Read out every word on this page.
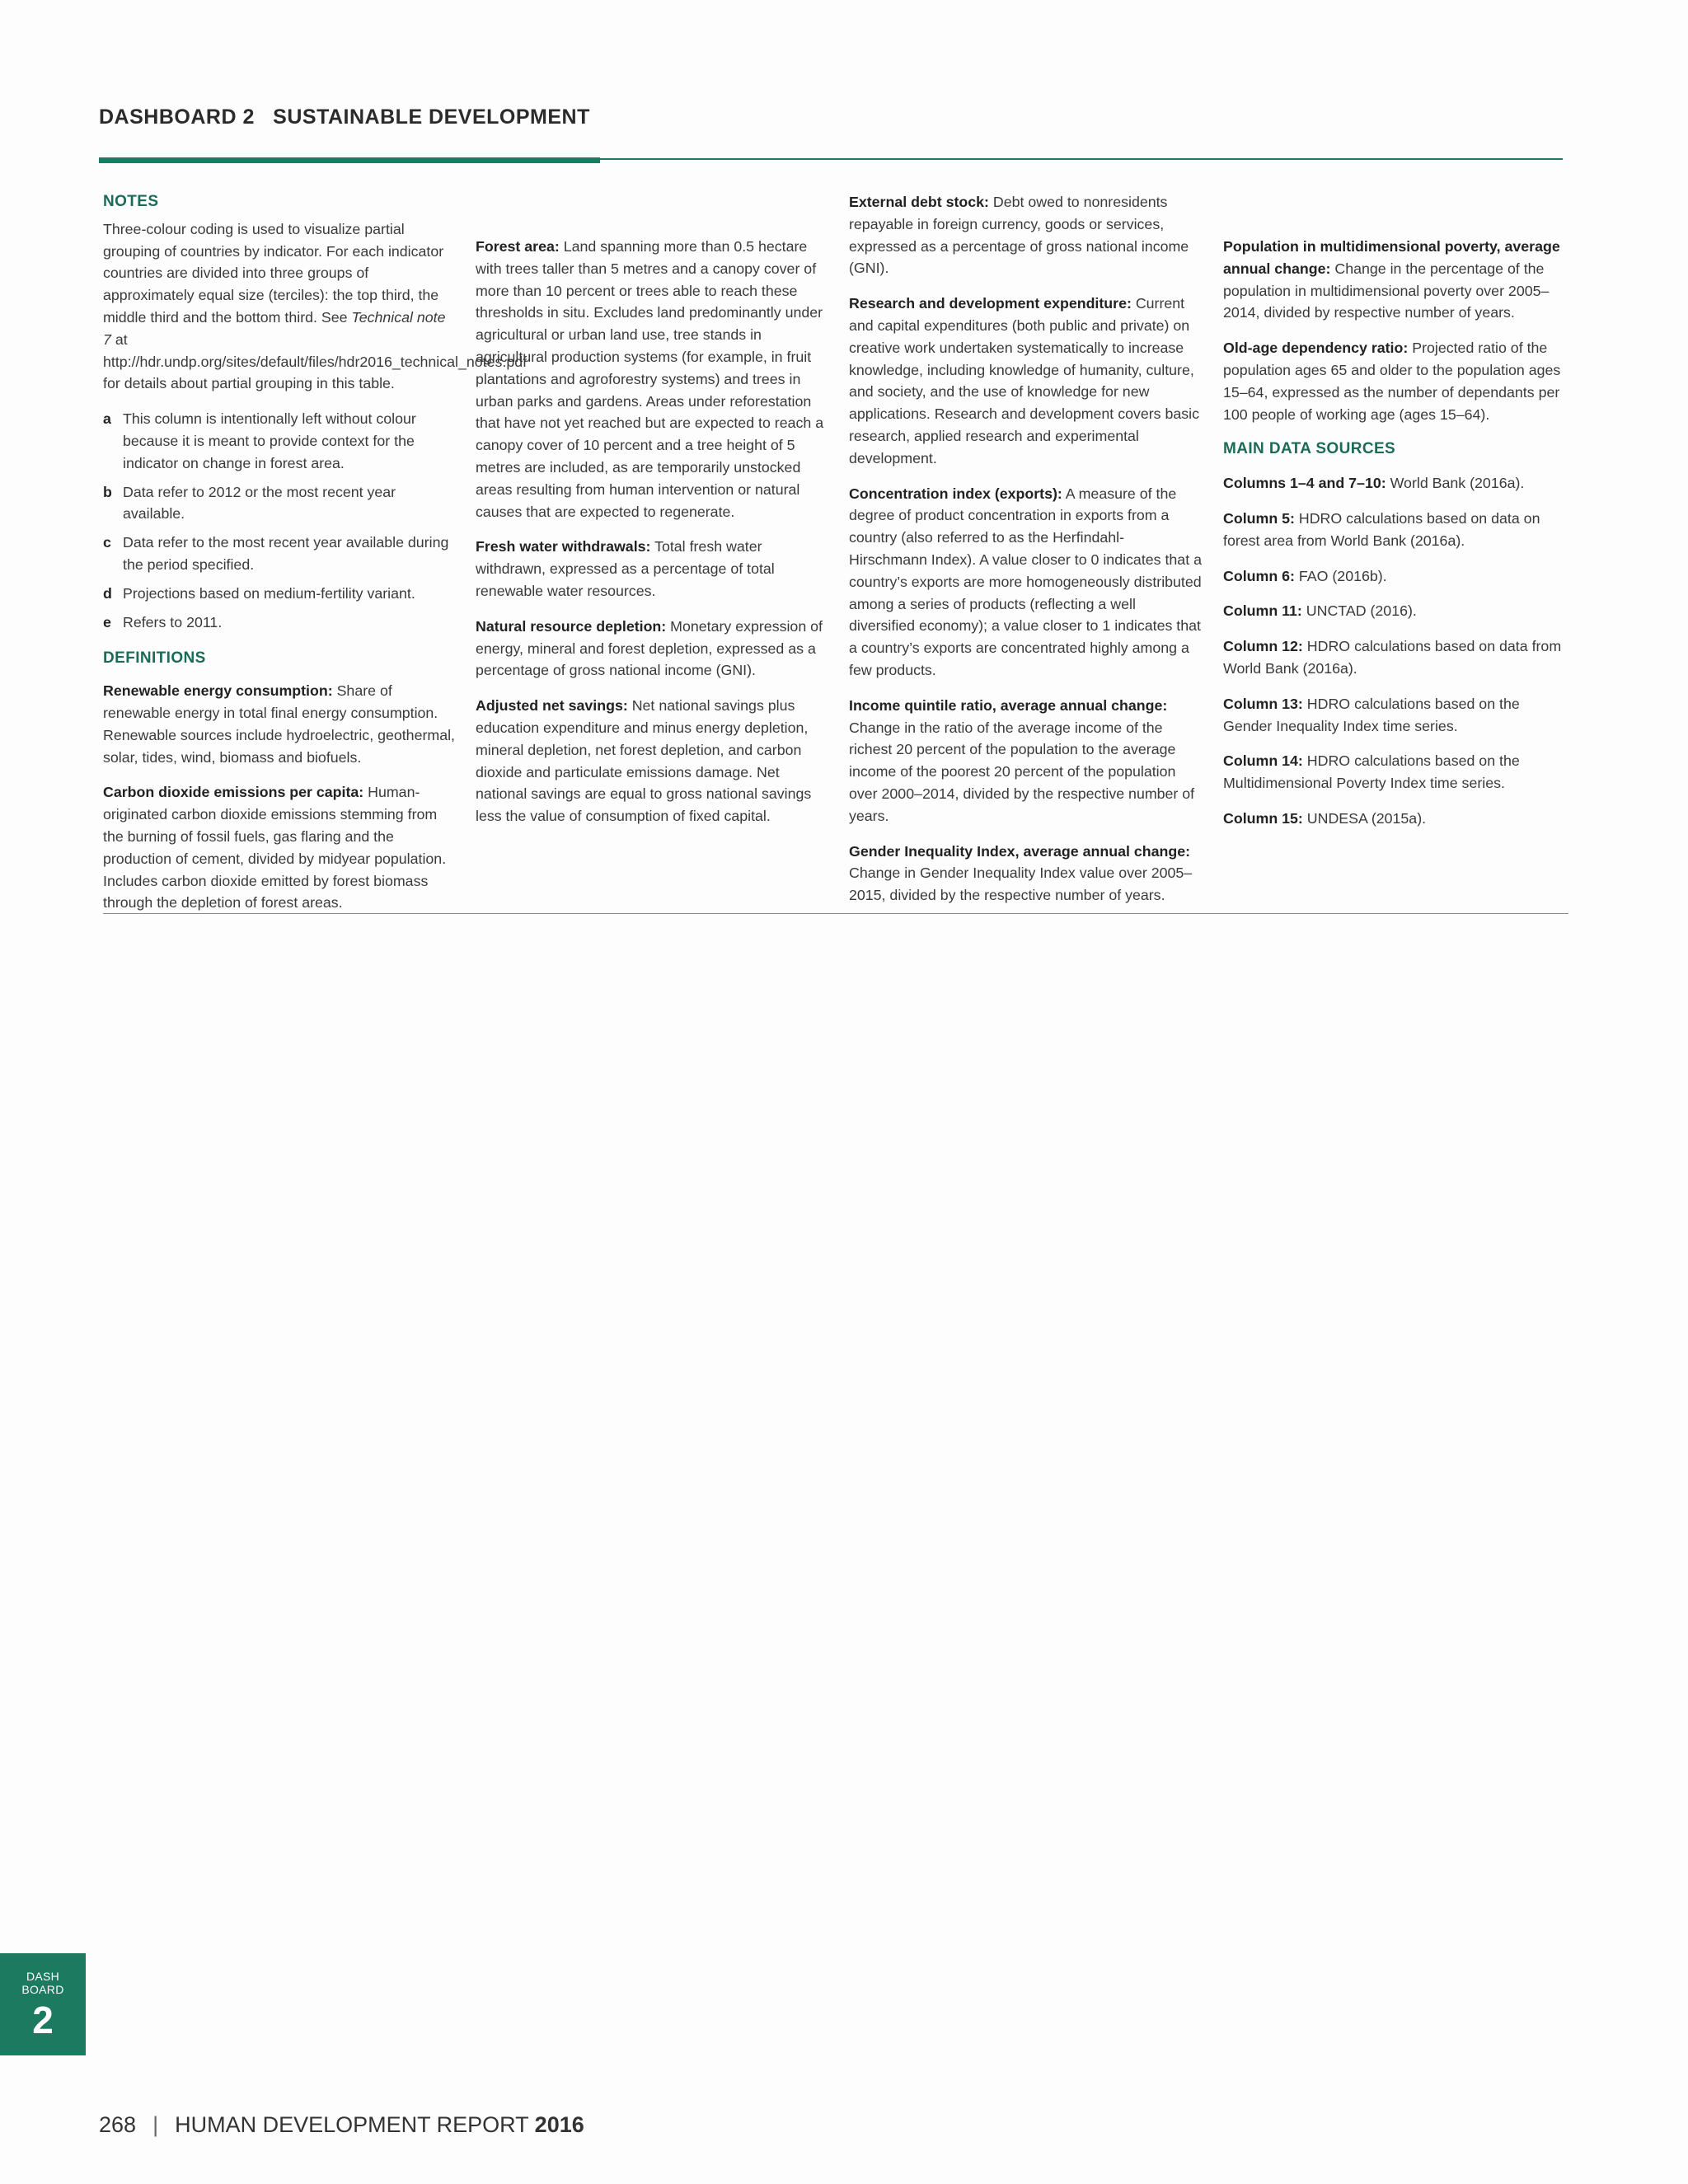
DASHBOARD 2   SUSTAINABLE DEVELOPMENT
NOTES
Three-colour coding is used to visualize partial grouping of countries by indicator. For each indicator countries are divided into three groups of approximately equal size (terciles): the top third, the middle third and the bottom third. See Technical note 7 at http://hdr.undp.org/sites/default/files/hdr2016_technical_notes.pdf for details about partial grouping in this table.
a This column is intentionally left without colour because it is meant to provide context for the indicator on change in forest area.
b Data refer to 2012 or the most recent year available.
c Data refer to the most recent year available during the period specified.
d Projections based on medium-fertility variant.
e Refers to 2011.
DEFINITIONS
Renewable energy consumption: Share of renewable energy in total final energy consumption. Renewable sources include hydroelectric, geothermal, solar, tides, wind, biomass and biofuels.
Carbon dioxide emissions per capita: Human-originated carbon dioxide emissions stemming from the burning of fossil fuels, gas flaring and the production of cement, divided by midyear population. Includes carbon dioxide emitted by forest biomass through the depletion of forest areas.
Forest area: Land spanning more than 0.5 hectare with trees taller than 5 metres and a canopy cover of more than 10 percent or trees able to reach these thresholds in situ. Excludes land predominantly under agricultural or urban land use, tree stands in agricultural production systems (for example, in fruit plantations and agroforestry systems) and trees in urban parks and gardens. Areas under reforestation that have not yet reached but are expected to reach a canopy cover of 10 percent and a tree height of 5 metres are included, as are temporarily unstocked areas resulting from human intervention or natural causes that are expected to regenerate.
Fresh water withdrawals: Total fresh water withdrawn, expressed as a percentage of total renewable water resources.
Natural resource depletion: Monetary expression of energy, mineral and forest depletion, expressed as a percentage of gross national income (GNI).
Adjusted net savings: Net national savings plus education expenditure and minus energy depletion, mineral depletion, net forest depletion, and carbon dioxide and particulate emissions damage. Net national savings are equal to gross national savings less the value of consumption of fixed capital.
External debt stock: Debt owed to nonresidents repayable in foreign currency, goods or services, expressed as a percentage of gross national income (GNI).
Research and development expenditure: Current and capital expenditures (both public and private) on creative work undertaken systematically to increase knowledge, including knowledge of humanity, culture, and society, and the use of knowledge for new applications. Research and development covers basic research, applied research and experimental development.
Concentration index (exports): A measure of the degree of product concentration in exports from a country (also referred to as the Herfindahl-Hirschmann Index). A value closer to 0 indicates that a country’s exports are more homogeneously distributed among a series of products (reflecting a well diversified economy); a value closer to 1 indicates that a country’s exports are concentrated highly among a few products.
Income quintile ratio, average annual change: Change in the ratio of the average income of the richest 20 percent of the population to the average income of the poorest 20 percent of the population over 2000–2014, divided by the respective number of years.
Gender Inequality Index, average annual change: Change in Gender Inequality Index value over 2005–2015, divided by the respective number of years.
Population in multidimensional poverty, average annual change: Change in the percentage of the population in multidimensional poverty over 2005–2014, divided by respective number of years.
Old-age dependency ratio: Projected ratio of the population ages 65 and older to the population ages 15–64, expressed as the number of dependants per 100 people of working age (ages 15–64).
MAIN DATA SOURCES
Columns 1–4 and 7–10: World Bank (2016a).
Column 5: HDRO calculations based on data on forest area from World Bank (2016a).
Column 6: FAO (2016b).
Column 11: UNCTAD (2016).
Column 12: HDRO calculations based on data from World Bank (2016a).
Column 13: HDRO calculations based on the Gender Inequality Index time series.
Column 14: HDRO calculations based on the Multidimensional Poverty Index time series.
Column 15: UNDESA (2015a).
DASH
BOARD
2
268 | HUMAN DEVELOPMENT REPORT 2016
